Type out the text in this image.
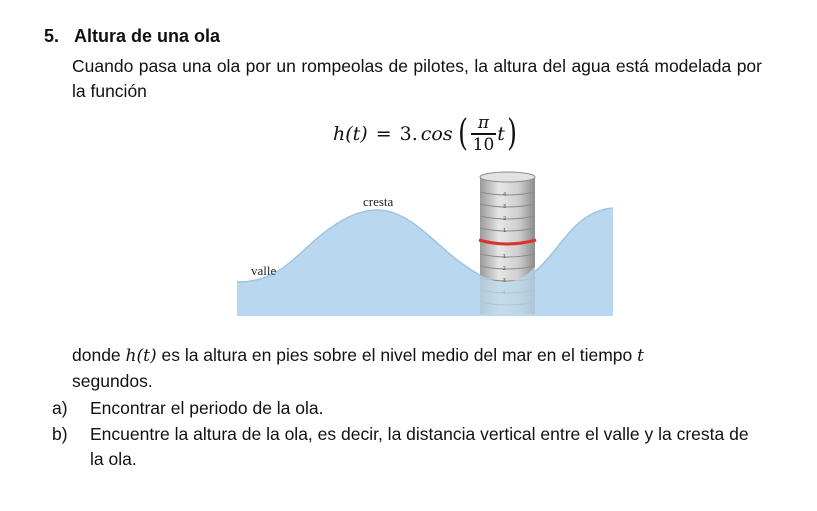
5. Altura de una ola
Cuando pasa una ola por un rompeolas de pilotes, la altura del agua está modelada por la función
h(t) = 3. cos ( $\frac{\pi}{10}$ t )
4
3
2
1
-1
-2
-3
cresta
valle
donde h(t) es la altura en pies sobre el nivel medio del mar en el tiempo t
segundos.
a)	Encontrar el periodo de la ola.
b)	Encuentre la altura de la ola, es decir, la distancia vertical entre el valle y la cresta de la ola.
